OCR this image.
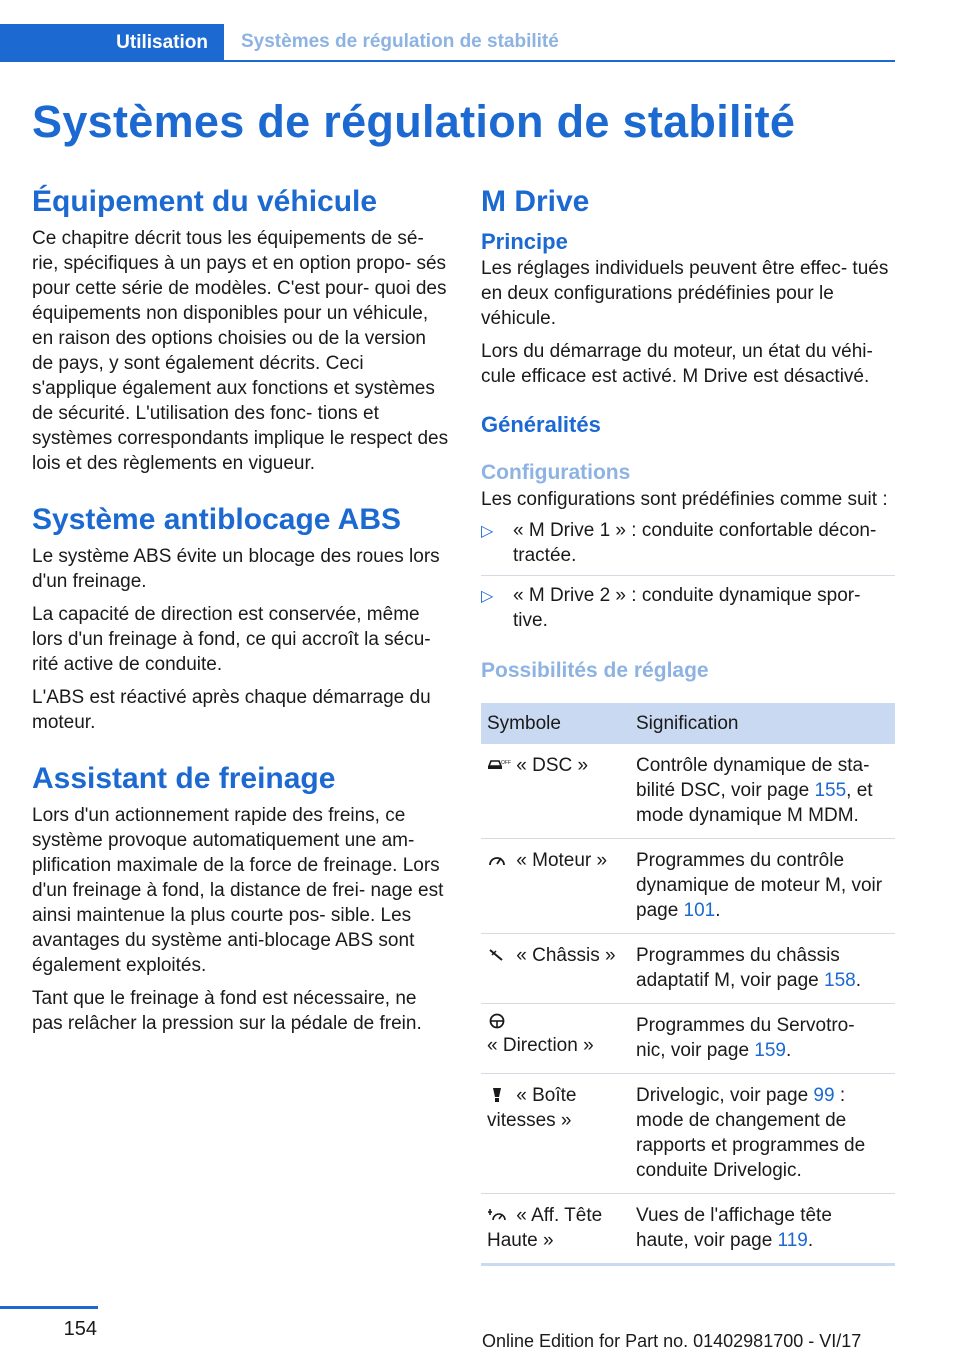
Utilisation	Systèmes de régulation de stabilité
Systèmes de régulation de stabilité
Équipement du véhicule

Ce chapitre décrit tous les équipements de sé- rie, spécifiques à un pays et en option propo- sés pour cette série de modèles. C'est pour- quoi des équipements non disponibles pour un véhicule, en raison des options choisies ou de la version de pays, y sont également décrits. Ceci s'applique également aux fonctions et systèmes de sécurité. L'utilisation des fonc- tions et systèmes correspondants implique le respect des lois et des règlements en vigueur.

Système antiblocage ABS

Le système ABS évite un blocage des roues lors d'un freinage.

La capacité de direction est conservée, même lors d'un freinage à fond, ce qui accroît la sécu- rité active de conduite.

L'ABS est réactivé après chaque démarrage du moteur.

Assistant de freinage

Lors d'un actionnement rapide des freins, ce système provoque automatiquement une am- plification maximale de la force de freinage. Lors d'un freinage à fond, la distance de frei- nage est ainsi maintenue la plus courte pos- sible. Les avantages du système anti-blocage ABS sont également exploités.

Tant que le freinage à fond est nécessaire, ne pas relâcher la pression sur la pédale de frein.

M Drive
Principe

Les réglages individuels peuvent être effec- tués en deux configurations prédéfinies pour le véhicule.

Lors du démarrage du moteur, un état du véhi- cule efficace est activé. M Drive est désactivé.

Généralités
Configurations

Les configurations sont prédéfinies comme suit :

▷ « M Drive 1 » : conduite confortable décon- tractée.
▷ « M Drive 2 » : conduite dynamique spor- tive.
Possibilités de réglage
Symbole	Signification

OFF « DSC »	Contrôle dynamique de sta- bilité DSC, voir page 155, et mode dynamique M MDM.
« Moteur »	Programmes du contrôle dynamique de moteur M, voir page 101.
« Châssis »	Programmes du châssis adaptatif M, voir page 158.

« Direction »	Programmes du Servotro- nic, voir page 159.
« Boîte vitesses »	Drivelogic, voir page 99 : mode de changement de rapports et programmes de conduite Drivelogic.
« Aff. Tête Haute »	Vues de l'affichage tête haute, voir page 119.
154
Online Edition for Part no. 01402981700 - VI/17
